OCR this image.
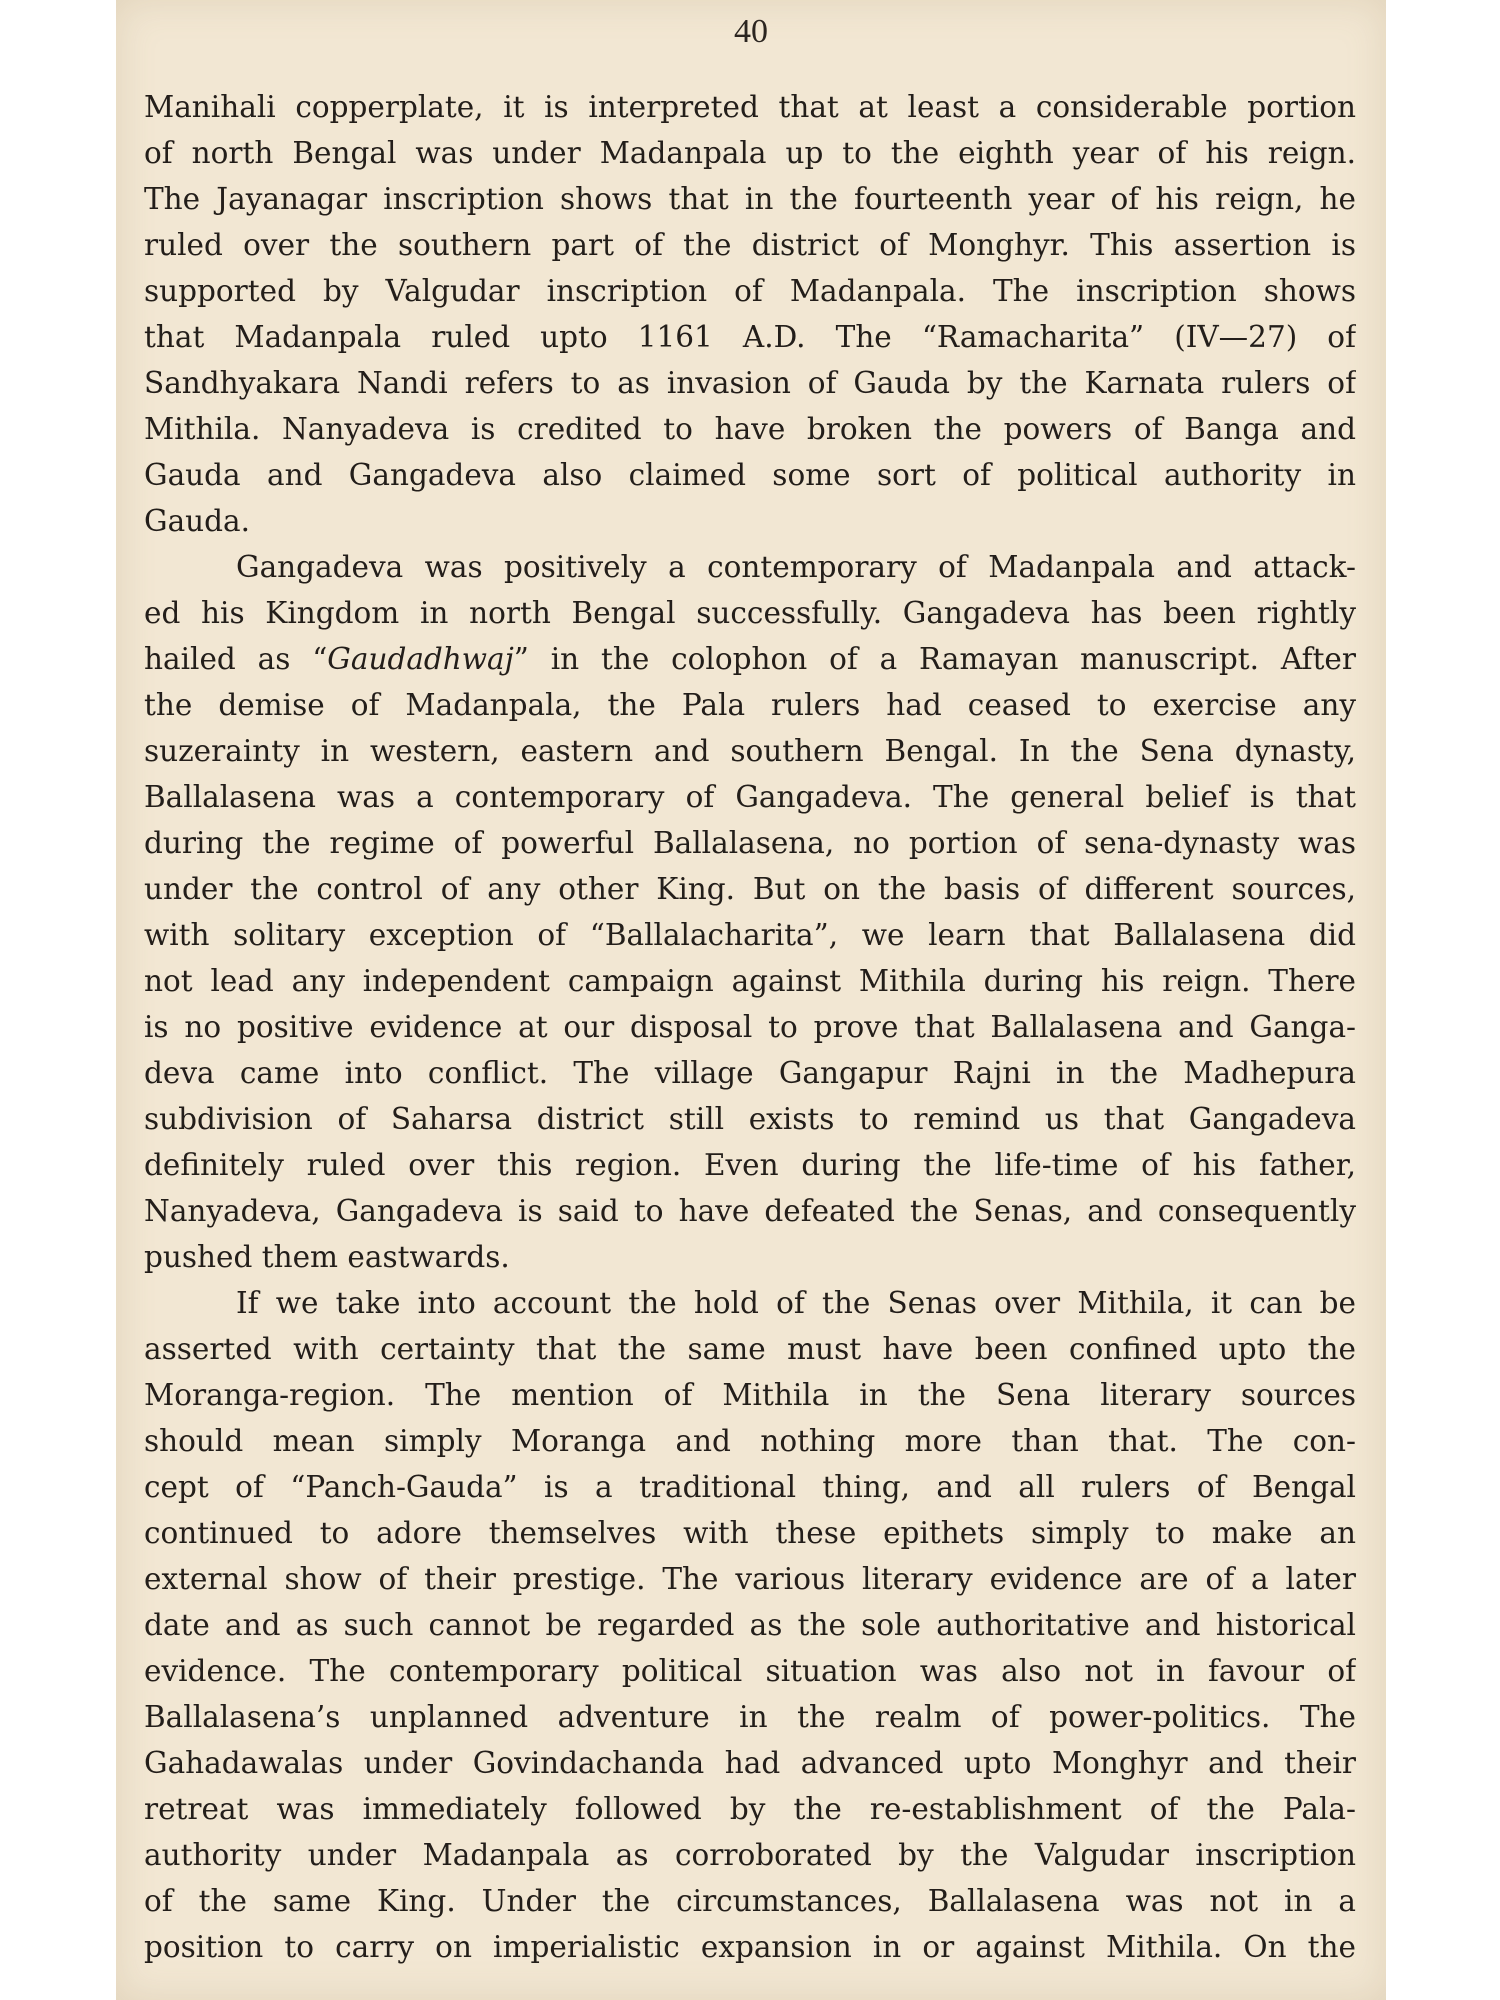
40
Manihali copperplate, it is interpreted that at least a considerable portion
of north Bengal was under Madanpala up to the eighth year of his reign.
The Jayanagar inscription shows that in the fourteenth year of his reign, he
ruled over the southern part of the district of Monghyr. This assertion is
supported by Valgudar inscription of Madanpala. The inscription shows
that Madanpala ruled upto 1161 A.D. The “Ramacharita” (IV—27) of
Sandhyakara Nandi refers to as invasion of Gauda by the Karnata rulers of
Mithila. Nanyadeva is credited to have broken the powers of Banga and
Gauda and Gangadeva also claimed some sort of political authority in
Gauda.
Gangadeva was positively a contemporary of Madanpala and attack-
ed his Kingdom in north Bengal successfully. Gangadeva has been rightly
hailed as “Gaudadhwaj” in the colophon of a Ramayan manuscript. After
the demise of Madanpala, the Pala rulers had ceased to exercise any
suzerainty in western, eastern and southern Bengal. In the Sena dynasty,
Ballalasena was a contemporary of Gangadeva. The general belief is that
during the regime of powerful Ballalasena, no portion of sena-dynasty was
under the control of any other King. But on the basis of different sources,
with solitary exception of “Ballalacharita”, we learn that Ballalasena did
not lead any independent campaign against Mithila during his reign. There
is no positive evidence at our disposal to prove that Ballalasena and Ganga-
deva came into conflict. The village Gangapur Rajni in the Madhepura
subdivision of Saharsa district still exists to remind us that Gangadeva
definitely ruled over this region. Even during the life-time of his father,
Nanyadeva, Gangadeva is said to have defeated the Senas, and consequently
pushed them eastwards.
If we take into account the hold of the Senas over Mithila, it can be
asserted with certainty that the same must have been confined upto the
Moranga-region. The mention of Mithila in the Sena literary sources
should mean simply Moranga and nothing more than that. The con-
cept of “Panch-Gauda” is a traditional thing, and all rulers of Bengal
continued to adore themselves with these epithets simply to make an
external show of their prestige. The various literary evidence are of a later
date and as such cannot be regarded as the sole authoritative and historical
evidence. The contemporary political situation was also not in favour of
Ballalasena’s unplanned adventure in the realm of power-politics. The
Gahadawalas under Govindachanda had advanced upto Monghyr and their
retreat was immediately followed by the re-establishment of the Pala-
authority under Madanpala as corroborated by the Valgudar inscription
of the same King. Under the circumstances, Ballalasena was not in a
position to carry on imperialistic expansion in or against Mithila. On the
